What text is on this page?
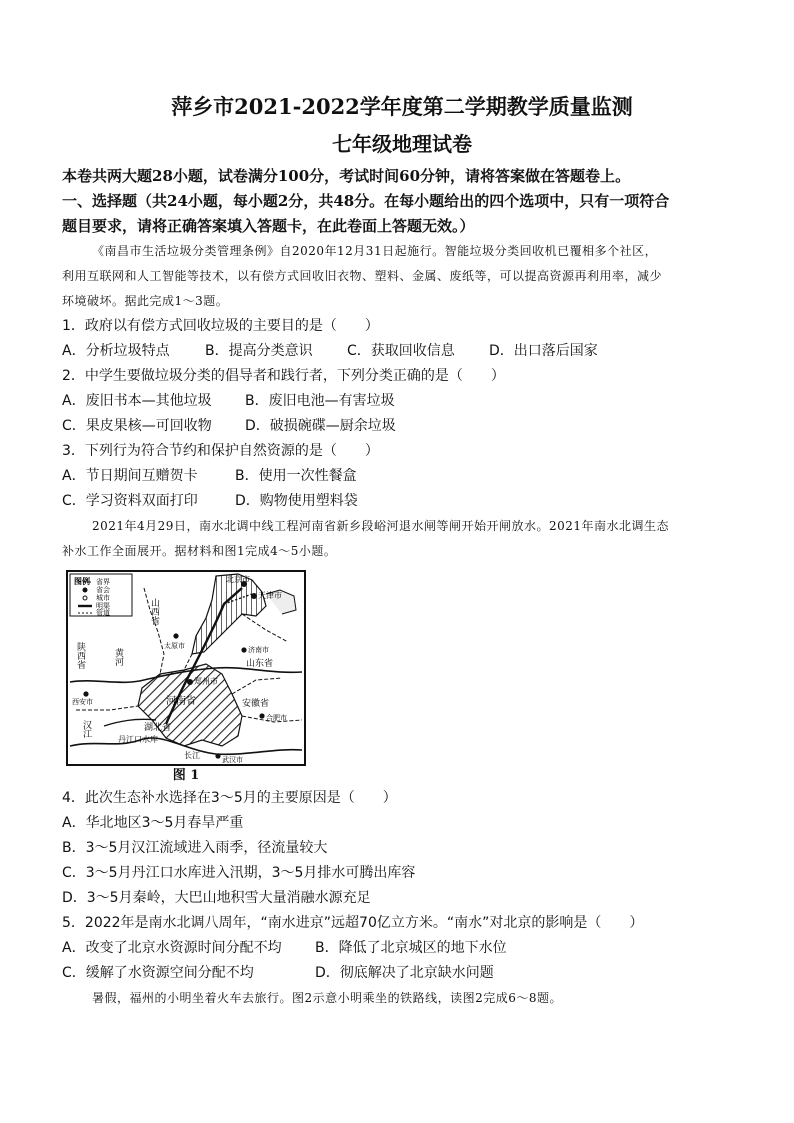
萍乡市2021-2022学年度第二学期教学质量监测

七年级地理试卷

本卷共两大题28小题，试卷满分100分，考试时间60分钟，请将答案做在答题卷上。

一、选择题（共24小题，每小题2分，共48分。在每小题给出的四个选项中，只有一项符合

题目要求，请将正确答案填入答题卡，在此卷面上答题无效。）

《南昌市生活垃圾分类管理条例》自2020年12月31日起施行。智能垃圾分类回收机已覆相多个社区，

利用互联网和人工智能等技术，以有偿方式回收旧衣物、塑料、金属、废纸等，可以提高资源再利用率，减少

环境破坏。据此完成1～3题。

1．政府以有偿方式回收垃圾的主要目的是（　　）

A．分析垃圾特点	B．提高分类意识 C．获取回收信息 D．出口落后国家

2．中学生要做垃圾分类的倡导者和践行者，下列分类正确的是（　　）

A．废旧书本—其他垃圾 B．废旧电池—有害垃圾

C．果皮果核—可回收物 D．破损碗碟—厨余垃圾

3．下列行为符合节约和保护自然资源的是（　　）

A．节日期间互赠贺卡	B．使用一次性餐盒

C．学习资料双面打印	D．购物使用塑料袋

2021年4月29日，南水北调中线工程河南省新乡段峪河退水闸等闸开始开闸放水。2021年南水北调生态

补水工作全面展开。据材料和图1完成4～5小题。

图例 省界
省会
城市
明渠
管道
北京市
天津市
山西省
太原市
陕西省	黄河	济南市
山东省
郑州市
河南省
西安市	安徽省
合肥市
丹江口水库
湖北省
汉江
武汉市
长江

图 1

4．此次生态补水选择在3～5月的主要原因是（　　）

A．华北地区3～5月春旱严重

B．3～5月汉江流域进入雨季，径流量较大

C．3～5月丹江口水库进入汛期，3～5月排水可腾出库容

D．3～5月秦岭，大巴山地积雪大量消融水源充足

5．2022年是南水北调八周年，“南水进京”远超70亿立方米。“南水”对北京的影响是（　　）

A．改变了北京水资源时间分配不均 B．降低了北京城区的地下水位

C．缓解了水资源空间分配不均	D．彻底解决了北京缺水问题

暑假，福州的小明坐着火车去旅行。图2示意小明乘坐的铁路线，读图2完成6～8题。
